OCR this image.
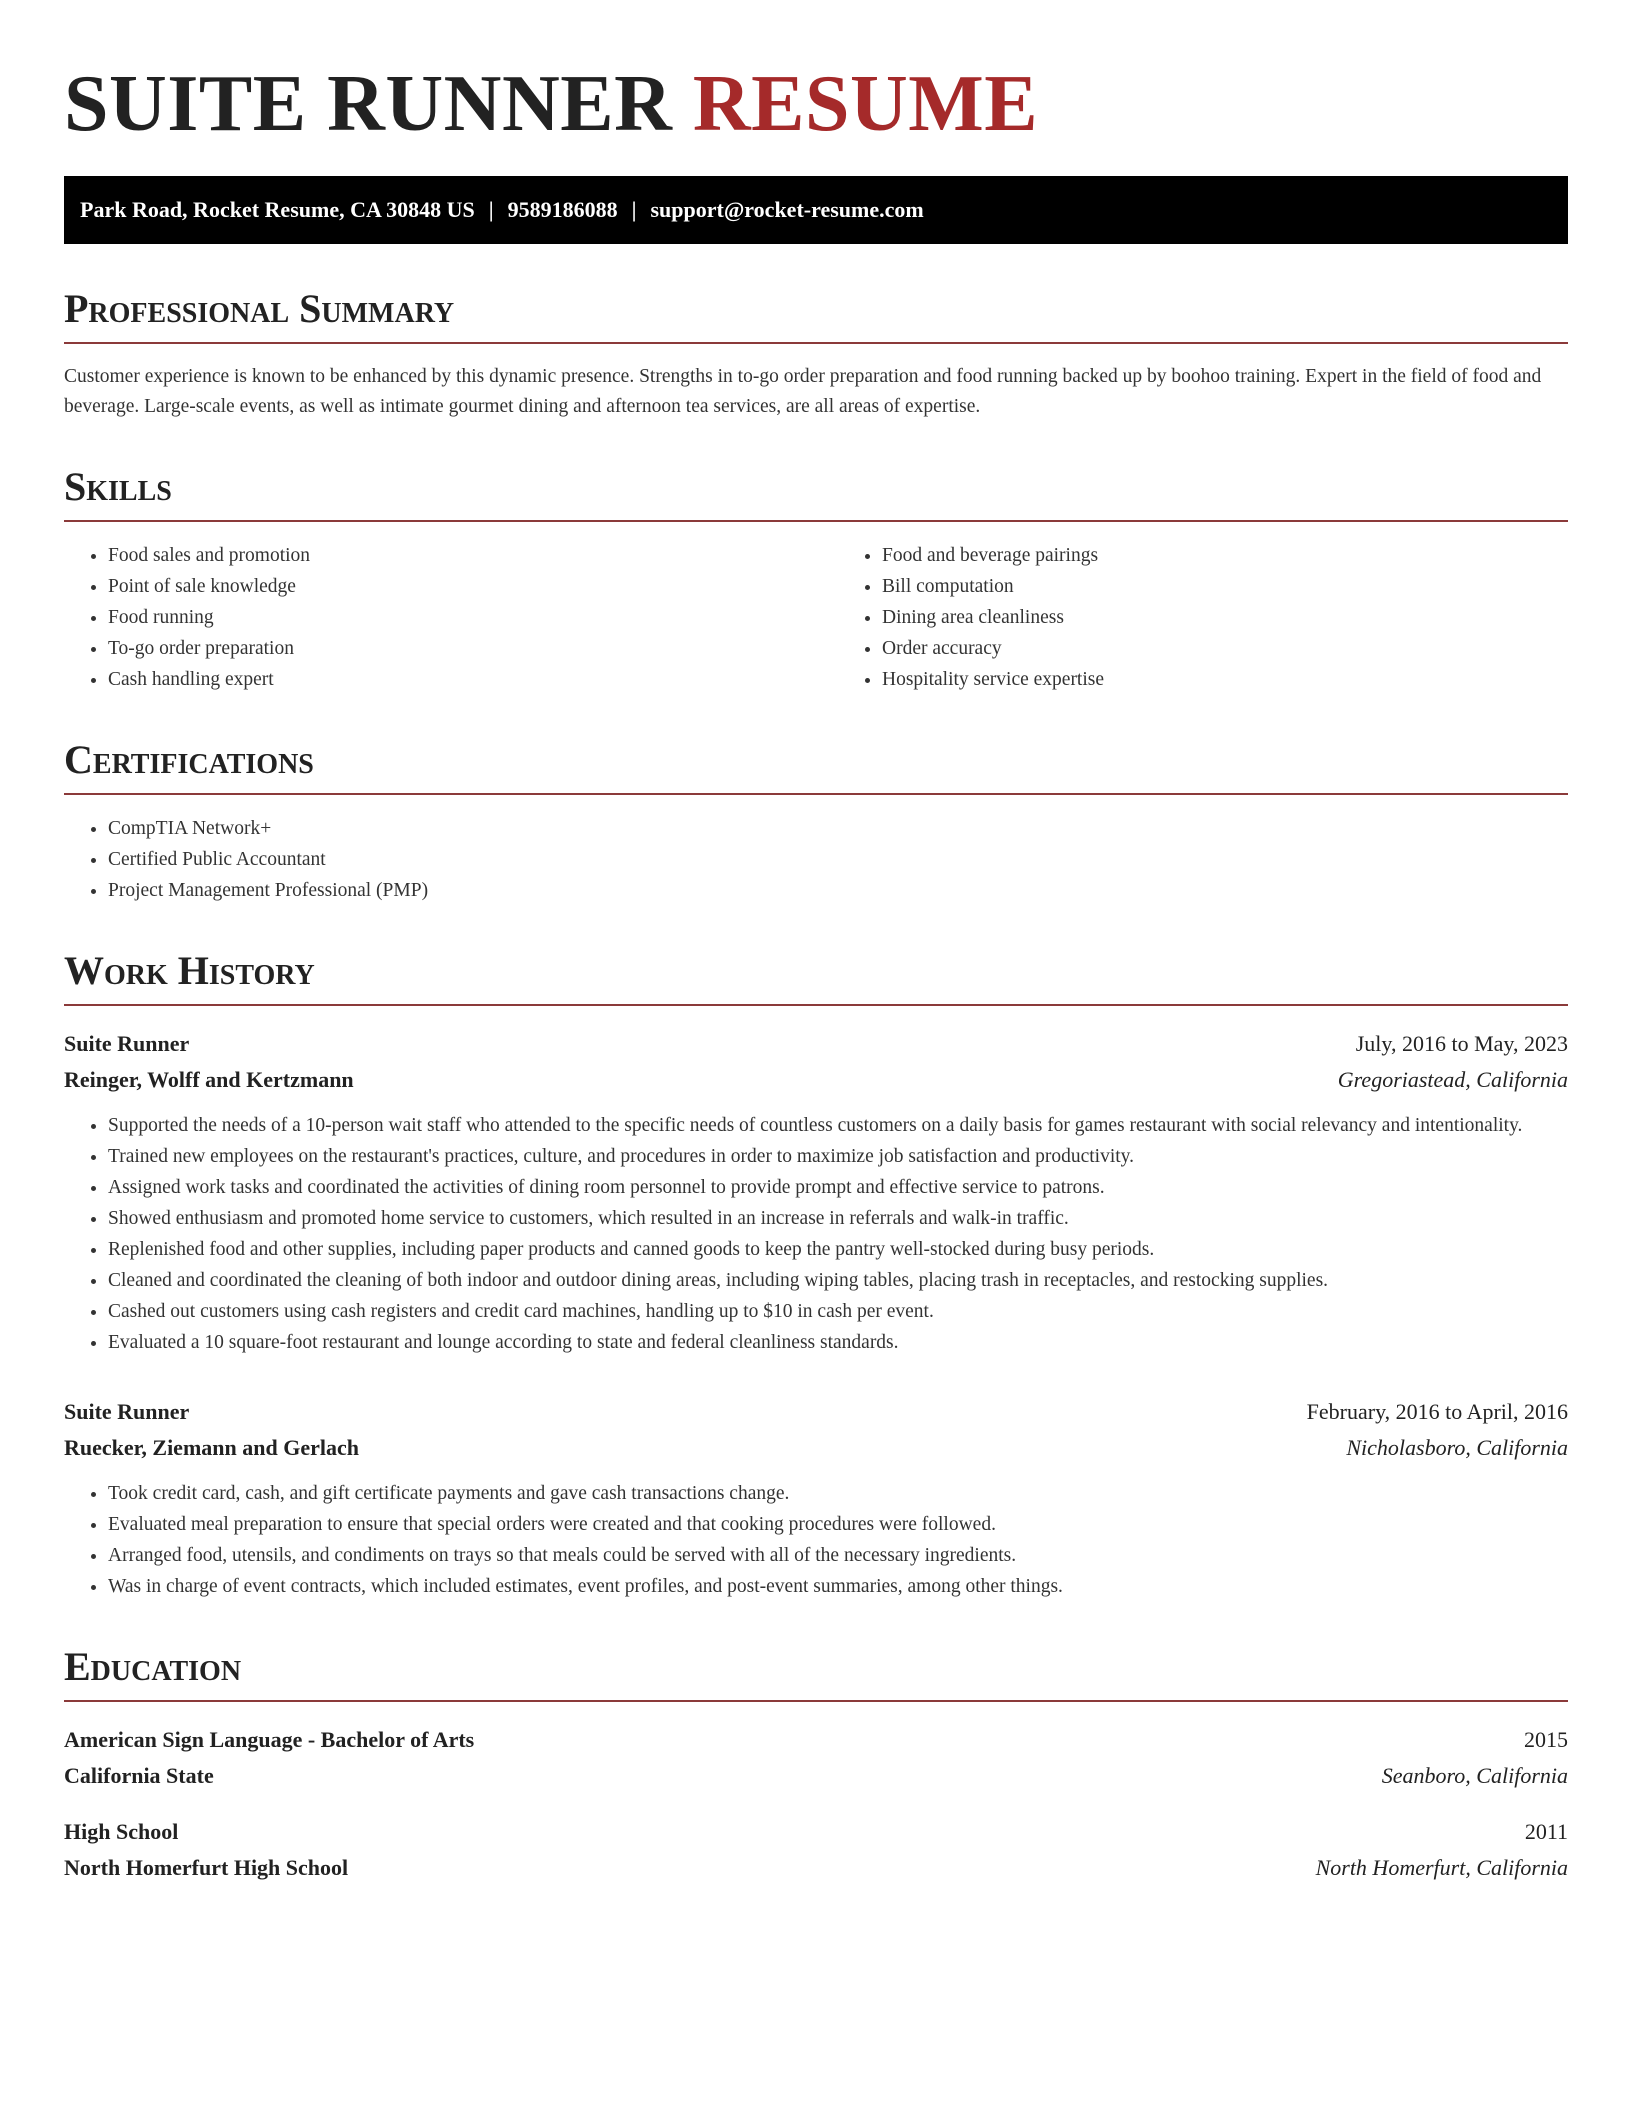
SUITE RUNNER RESUME
Park Road, Rocket Resume, CA 30848 US | 9589186088 | support@rocket-resume.com
Professional Summary

Customer experience is known to be enhanced by this dynamic presence. Strengths in to-go order preparation and food running backed up by boohoo training. Expert in the field of food and beverage. Large-scale events, as well as intimate gourmet dining and afternoon tea services, are all areas of expertise.

Skills
• Food sales and promotion
• Point of sale knowledge
• Food running
• To-go order preparation
• Cash handling expert
• Food and beverage pairings
• Bill computation
• Dining area cleanliness
• Order accuracy
• Hospitality service expertise
Certifications
• CompTIA Network+
• Certified Public Accountant
• Project Management Professional (PMP)
Work History
Suite Runner	July, 2016 to May, 2023
Reinger, Wolff and Kertzmann	Gregoriastead, California
• Supported the needs of a 10-person wait staff who attended to the specific needs of countless customers on a daily basis for games restaurant with social relevancy and intentionality.
• Trained new employees on the restaurant's practices, culture, and procedures in order to maximize job satisfaction and productivity.
• Assigned work tasks and coordinated the activities of dining room personnel to provide prompt and effective service to patrons.
• Showed enthusiasm and promoted home service to customers, which resulted in an increase in referrals and walk-in traffic.
• Replenished food and other supplies, including paper products and canned goods to keep the pantry well-stocked during busy periods.
• Cleaned and coordinated the cleaning of both indoor and outdoor dining areas, including wiping tables, placing trash in receptacles, and restocking supplies.
• Cashed out customers using cash registers and credit card machines, handling up to $10 in cash per event.
• Evaluated a 10 square-foot restaurant and lounge according to state and federal cleanliness standards.
Suite Runner	February, 2016 to April, 2016
Ruecker, Ziemann and Gerlach	Nicholasboro, California
• Took credit card, cash, and gift certificate payments and gave cash transactions change.
• Evaluated meal preparation to ensure that special orders were created and that cooking procedures were followed.
• Arranged food, utensils, and condiments on trays so that meals could be served with all of the necessary ingredients.
• Was in charge of event contracts, which included estimates, event profiles, and post-event summaries, among other things.
Education
American Sign Language - Bachelor of Arts	2015
California State	Seanboro, California
High School	2011
North Homerfurt High School	North Homerfurt, California
